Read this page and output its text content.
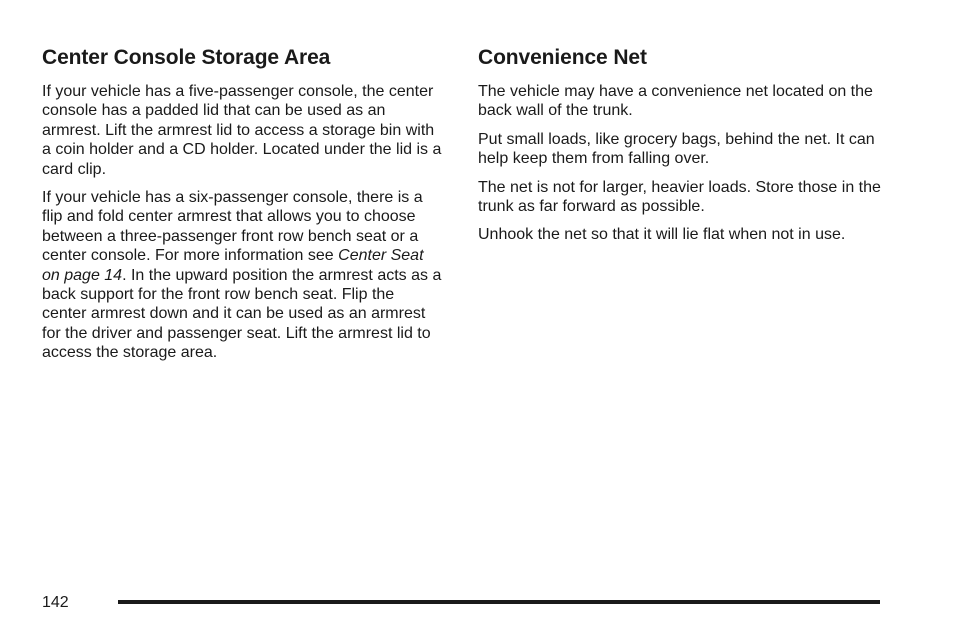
Center Console Storage Area

If your vehicle has a five-passenger console, the center console has a padded lid that can be used as an armrest. Lift the armrest lid to access a storage bin with a coin holder and a CD holder. Located under the lid is a card clip.

If your vehicle has a six-passenger console, there is a flip and fold center armrest that allows you to choose between a three-passenger front row bench seat or a center console. For more information see Center Seat on page 14. In the upward position the armrest acts as a back support for the front row bench seat. Flip the center armrest down and it can be used as an armrest for the driver and passenger seat. Lift the armrest lid to access the storage area.

Convenience Net

The vehicle may have a convenience net located on the back wall of the trunk.

Put small loads, like grocery bags, behind the net. It can help keep them from falling over.

The net is not for larger, heavier loads. Store those in the trunk as far forward as possible.

Unhook the net so that it will lie flat when not in use.

142
